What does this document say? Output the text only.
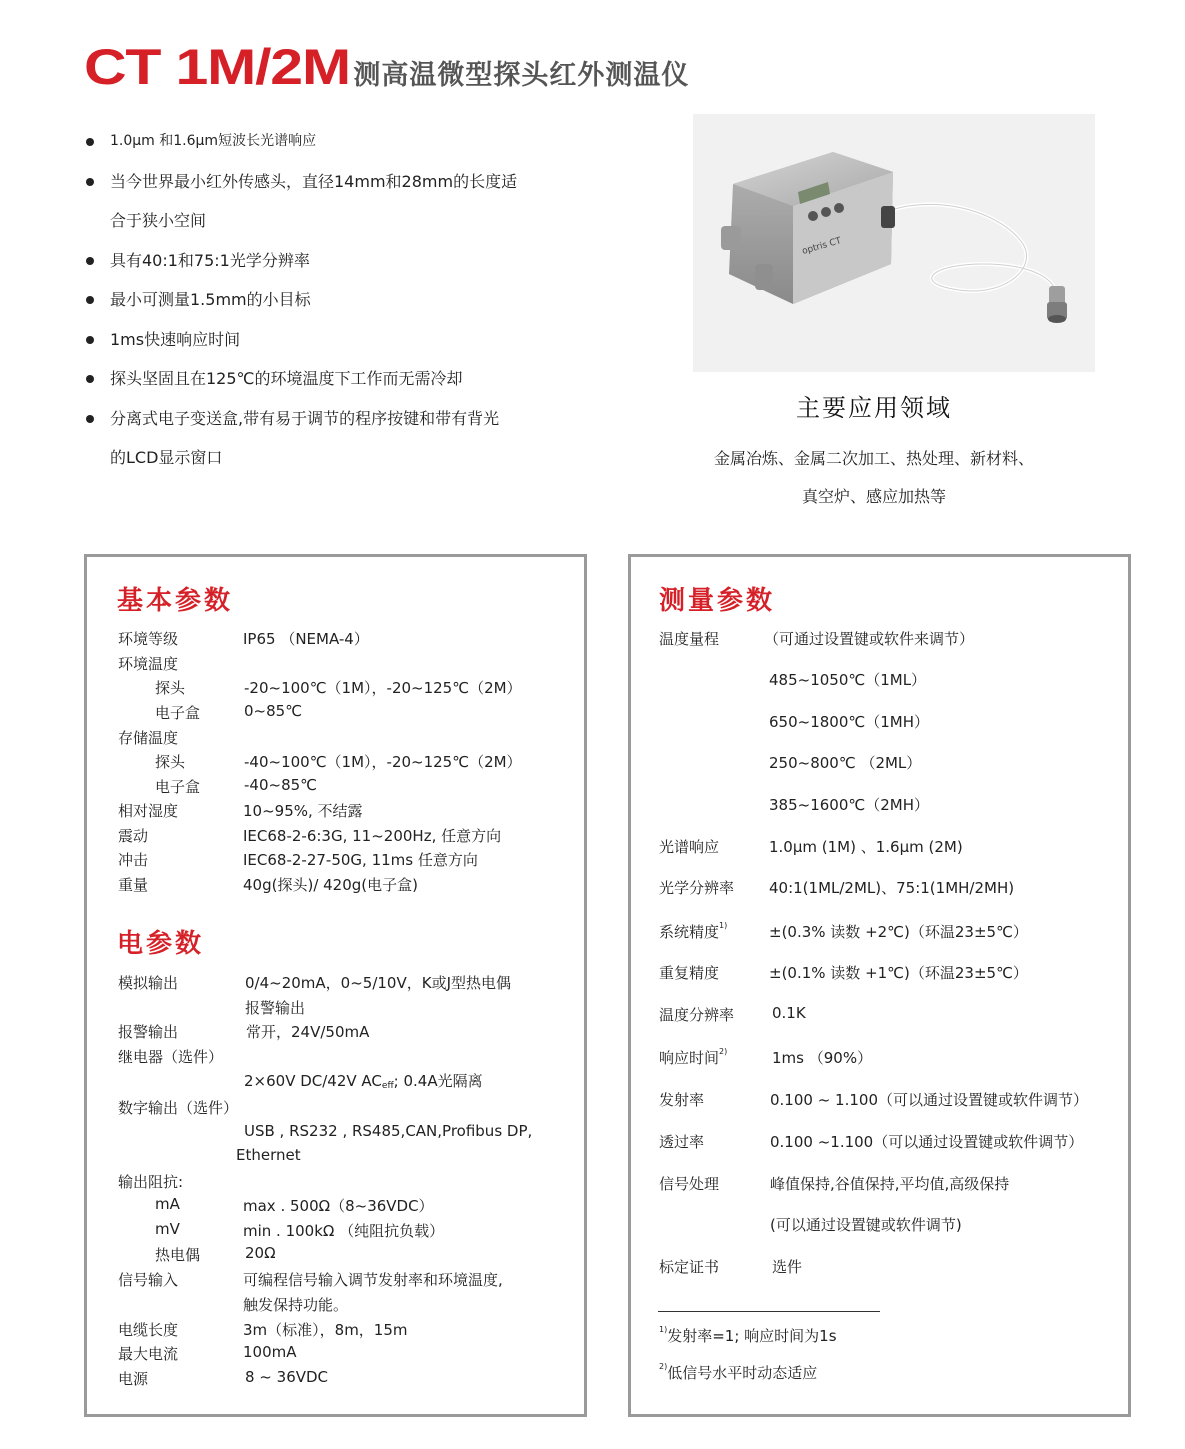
CT 1M/2M 测高温微型探头红外测温仪
1.0μm 和1.6μm短波长光谱响应
当今世界最小红外传感头，直径14mm和28mm的长度适
合于狭小空间
具有40:1和75:1光学分辨率
最小可测量1.5mm的小目标
1ms快速响应时间
探头坚固且在125℃的环境温度下工作而无需冷却
分离式电子变送盒,带有易于调节的程序按键和带有背光
的LCD显示窗口
optris CT
主要应用领域
金属冶炼、金属二次加工、热处理、新材料、
真空炉、感应加热等
基本参数
环境等级	IP65 （NEMA-4）
环境温度
探头	-20~100℃（1M），-20~125℃（2M）
电子盒	0~85℃
存储温度
探头	-40~100℃（1M），-20~125℃（2M）
电子盒	-40~85℃
相对湿度	10~95%, 不结露
震动	IEC68-2-6:3G, 11~200Hz, 任意方向
冲击	IEC68-2-27-50G, 11ms 任意方向
重量	40g(探头)/ 420g(电子盒)
电参数
模拟输出	0/4~20mA，0~5/10V，K或J型热电偶
报警输出
报警输出	常开，24V/50mA
继电器（选件）
2×60V DC/42V ACeff; 0.4A光隔离
数字输出（选件）
USB , RS232 , RS485,CAN,Profibus DP,
Ethernet
输出阻抗:
mA	max . 500Ω（8~36VDC）
mV	min . 100kΩ （纯阻抗负载）
热电偶	20Ω
信号输入	可编程信号输入调节发射率和环境温度,
触发保持功能。
电缆长度	3m（标准），8m，15m
最大电流	100mA
电源	8 ~ 36VDC
测量参数
温度量程	（可通过设置键或软件来调节）
485~1050℃（1ML）
650~1800℃（1MH）
250~800℃ （2ML）
385~1600℃（2MH）
光谱响应	1.0μm (1M) 、1.6μm (2M)
光学分辨率 40:1(1ML/2ML)、75:1(1MH/2MH)
系统精度$^{1)}$	±(0.3% 读数 +2℃)（环温23±5℃）
重复精度	±(0.1% 读数 +1℃)（环温23±5℃）
温度分辨率	0.1K
响应时间$^{2)}$	1ms （90%）
发射率	0.100 ~ 1.100（可以通过设置键或软件调节）
透过率	0.100 ~1.100（可以通过设置键或软件调节）
信号处理	峰值保持,谷值保持,平均值,高级保持
(可以通过设置键或软件调节)
标定证书	选件
$^{1)}$发射率=1; 响应时间为1s
$^{2)}$低信号水平时动态适应
